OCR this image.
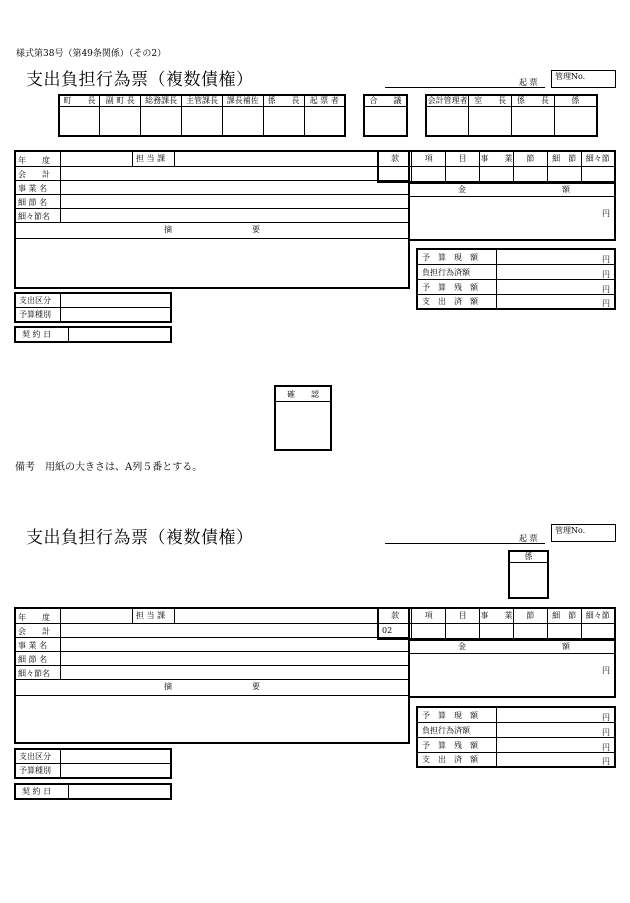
様式第38号（第49条関係）（その2）
支出負担行為票（複数債権）	起 票
管理No.
町　　長	副 町 長	総務課長	主管課長	課長補佐	係　　長	起 票 者
							合　　議	会計管理者	室　　長	係　　長	係

年　　度	担 当 課
会　　計
事 業 名
細 節 名
細々節名
摘　　　　　　　　　　要
款	項	目	事　　業	節	細　節	細々節

金	額
円
予　算　現　額	円
負担行為済額	円
予　算　残　額	円
支　出　済　額	円
支出区分
予算種別
契 約 日
確　　認
備考　用紙の大きさは、A列５番とする。
支出負担行為票（複数債権）	起 票
管理No.
係

年　　度	担 当 課
会　　計
事 業 名
細 節 名
細々節名
摘　　　　　　　　　　要
款	項	目	事　　業	節	細　節	細々節
02						
金	額
円
予　算　現　額	円
負担行為済額	円
予　算　残　額	円
支　出　済　額	円
支出区分
予算種別
契 約 日
